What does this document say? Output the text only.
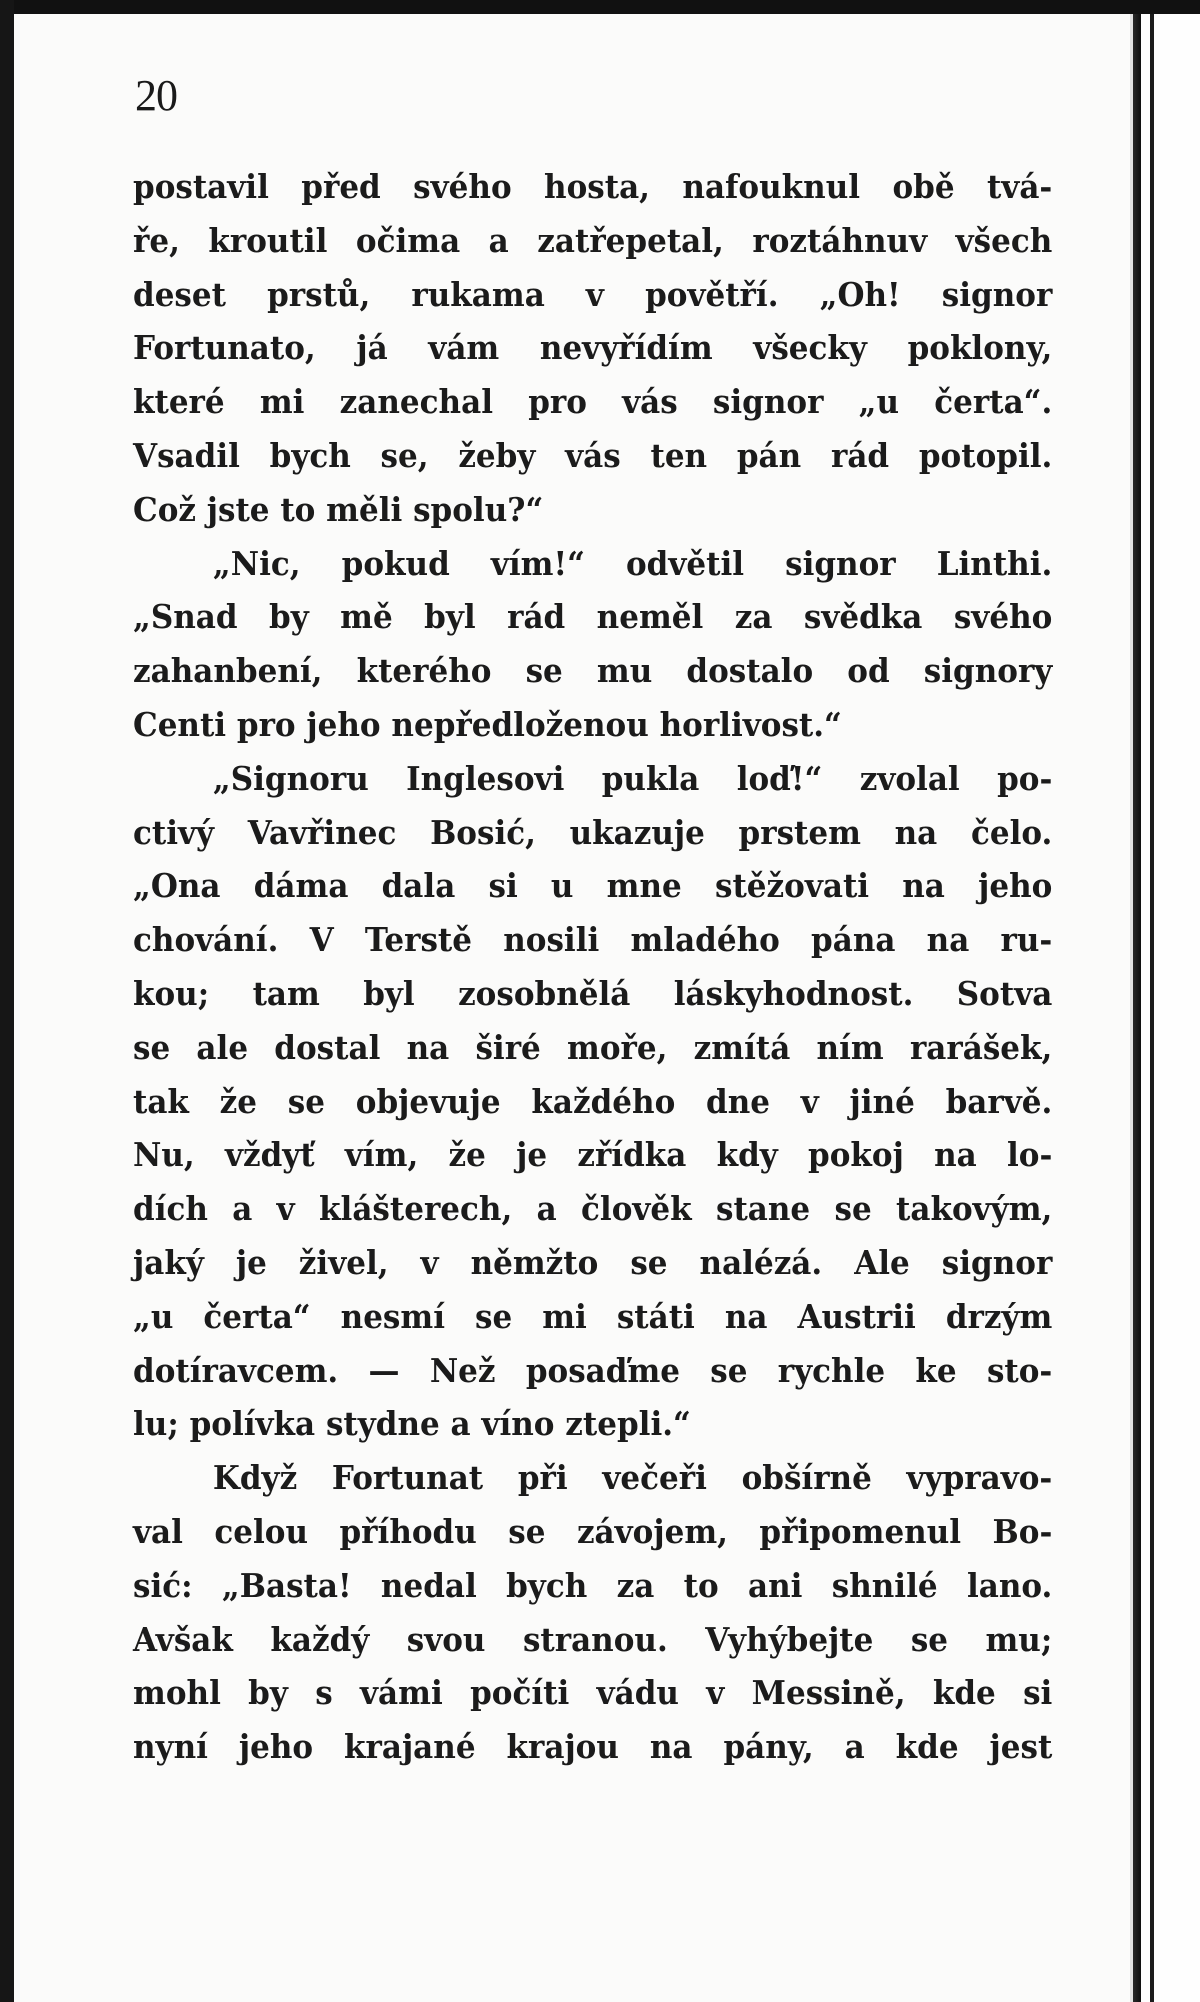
20
postavil před svého hosta, nafouknul obě tvá-
ře, kroutil očima a zatřepetal, roztáhnuv všech
deset prstů, rukama v povětří. „Oh! signor
Fortunato, já vám nevyřídím všecky poklony,
které mi zanechal pro vás signor „u čerta“.
Vsadil bych se, žeby vás ten pán rád potopil.
Což jste to měli spolu?“
„Nic, pokud vím!“ odvětil signor Linthi.
„Snad by mě byl rád neměl za svědka svého
zahanbení, kterého se mu dostalo od signory
Centi pro jeho nepředloženou horlivost.“
„Signoru Inglesovi pukla loď!“ zvolal po-
ctivý Vavřinec Bosić, ukazuje prstem na čelo.
„Ona dáma dala si u mne stěžovati na jeho
chování. V Terstě nosili mladého pána na ru-
kou; tam byl zosobnělá láskyhodnost. Sotva
se ale dostal na širé moře, zmítá ním rarášek,
tak že se objevuje každého dne v jiné barvě.
Nu, vždyť vím, že je zřídka kdy pokoj na lo-
dích a v klášterech, a člověk stane se takovým,
jaký je živel, v němžto se nalézá. Ale signor
„u čerta“ nesmí se mi státi na Austrii drzým
dotíravcem. — Než posaďme se rychle ke sto-
lu; polívka stydne a víno ztepli.“
Když Fortunat při večeři obšírně vypravo-
val celou příhodu se závojem, připomenul Bo-
sić: „Basta! nedal bych za to ani shnilé lano.
Avšak každý svou stranou. Vyhýbejte se mu;
mohl by s vámi počíti vádu v Messině, kde si
nyní jeho krajané krajou na pány, a kde jest
